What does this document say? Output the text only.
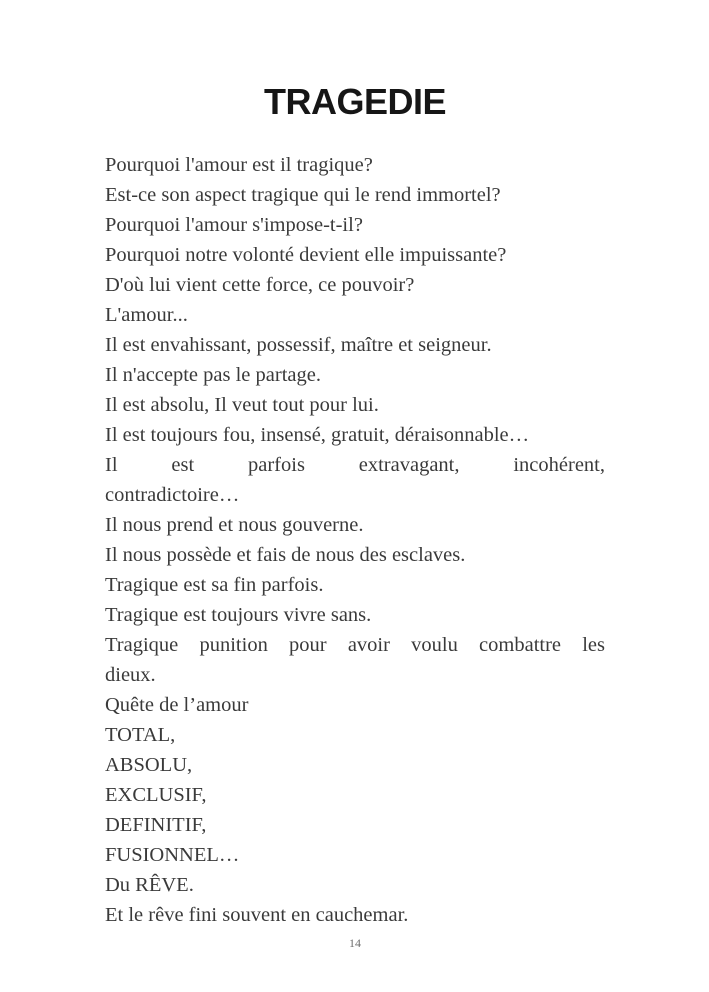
TRAGEDIE

Pourquoi l'amour est il tragique?

Est-ce son aspect tragique qui le rend immortel?

Pourquoi l'amour s'impose-t-il?

Pourquoi notre volonté devient elle impuissante?

D'où lui vient cette force, ce pouvoir?

L'amour...

Il est envahissant, possessif, maître et seigneur.

Il n'accepte pas le partage.

Il est absolu, Il veut tout pour lui.

Il est toujours fou, insensé, gratuit, déraisonnable…

Il est parfois extravagant, incohérent,

contradictoire…

Il nous prend et nous gouverne.

Il nous possède et fais de nous des esclaves.

Tragique est sa fin parfois.

Tragique est toujours vivre sans.

Tragique punition pour avoir voulu combattre les

dieux.

Quête de l’amour

TOTAL,

ABSOLU,

EXCLUSIF,

DEFINITIF,

FUSIONNEL…

Du RÊVE.

Et le rêve fini souvent en cauchemar.

14
